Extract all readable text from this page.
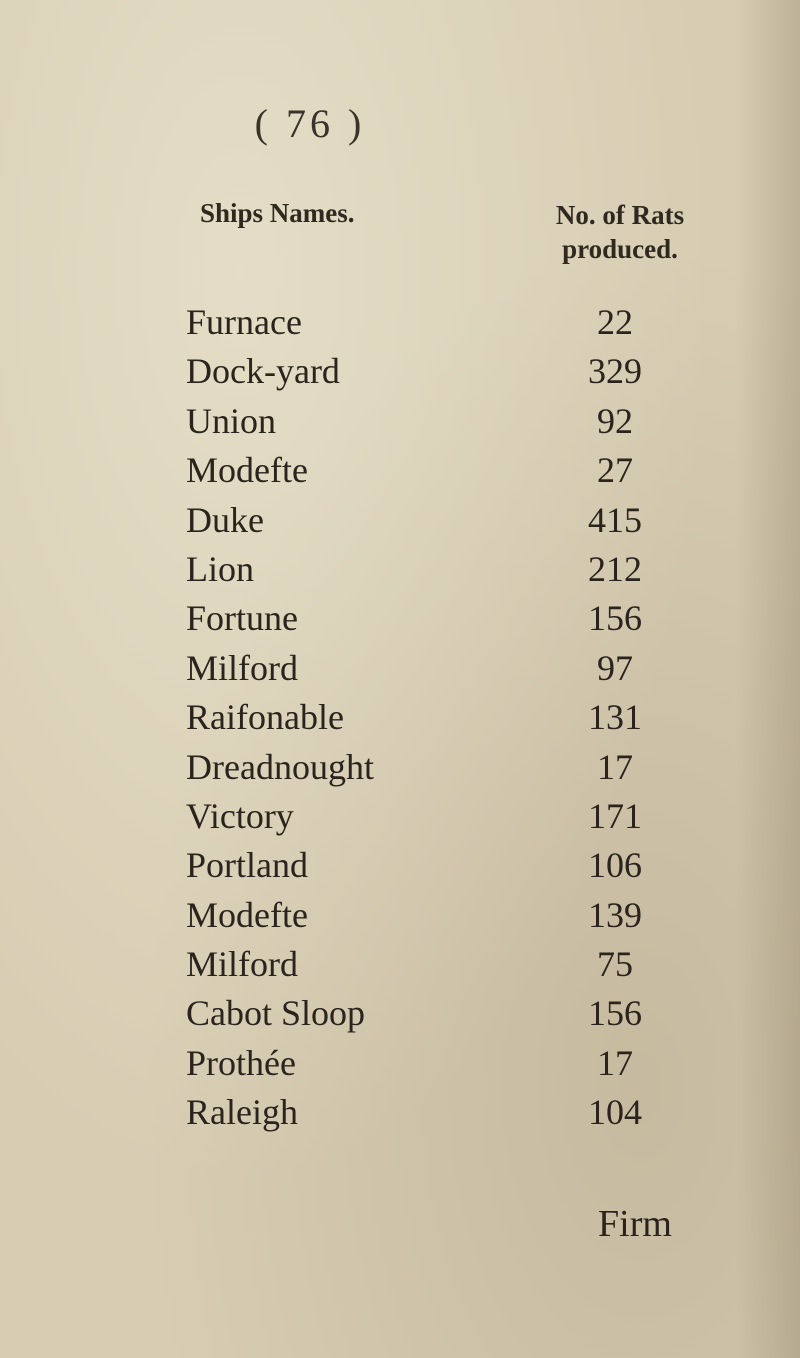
( 76 )
Ships Names.	No. of Rats
produced.
Furnace	22
Dock-yard	329
Union	92
Modefte	27
Duke	415
Lion	212
Fortune	156
Milford	97
Raifonable	131
Dreadnought	17
Victory	171
Portland	106
Modefte	139
Milford	75
Cabot Sloop	156
Prothée	17
Raleigh	104
Firm
